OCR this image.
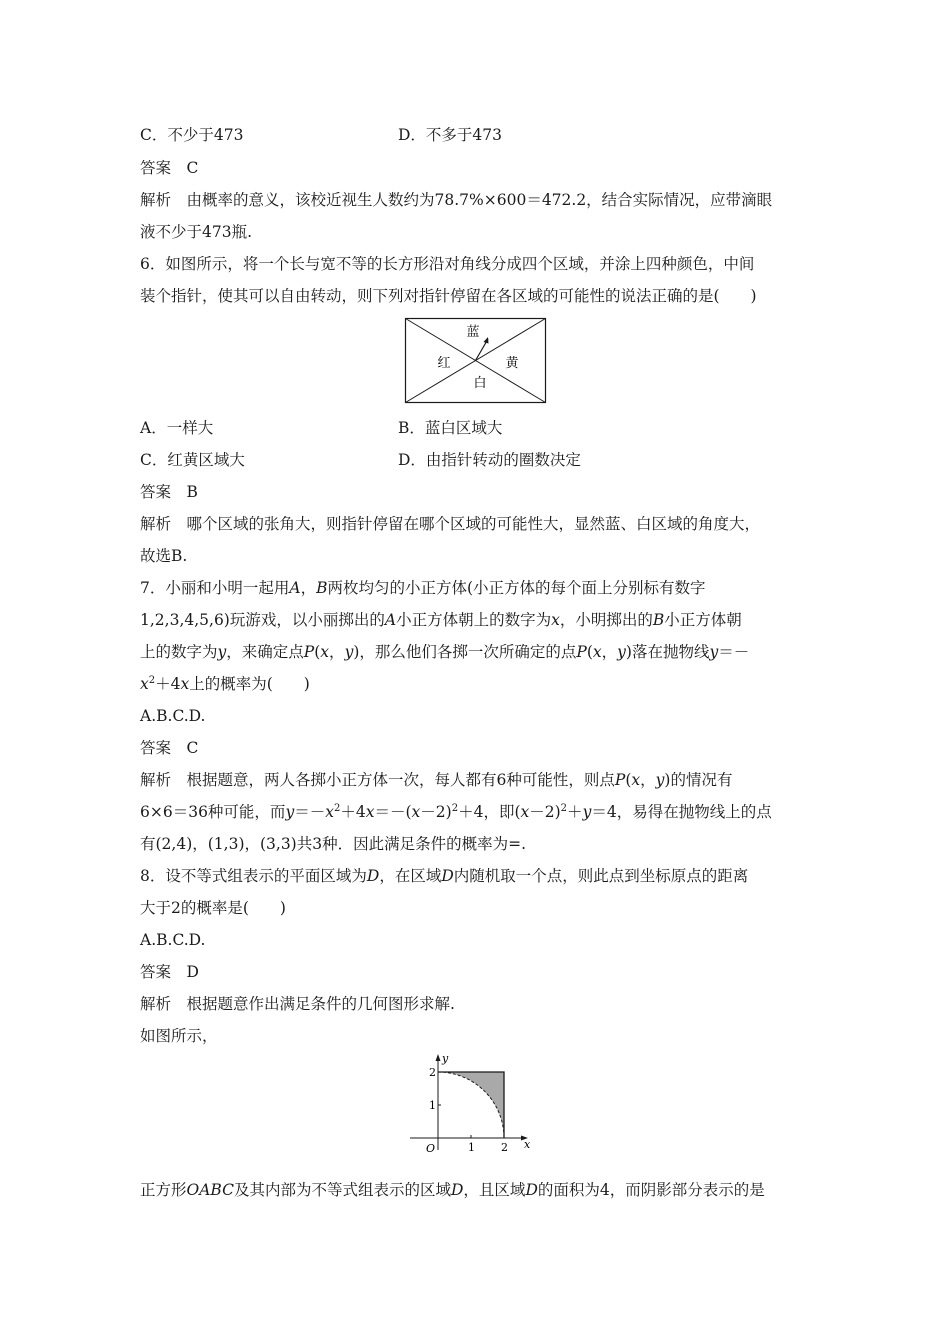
C．不少于473	D．不多于473
答案　C
解析　由概率的意义，该校近视生人数约为78.7%×600＝472.2，结合实际情况，应带滴眼
液不少于473瓶.
6．如图所示，将一个长与宽不等的长方形沿对角线分成四个区域，并涂上四种颜色，中间
装个指针，使其可以自由转动，则下列对指针停留在各区域的可能性的说法正确的是(　　)
蓝
红	黄
白
A．一样大	B．蓝白区域大
C．红黄区域大	D．由指针转动的圈数决定
答案　B
解析　哪个区域的张角大，则指针停留在哪个区域的可能性大，显然蓝、白区域的角度大，
故选B.
7．小丽和小明一起用A，B两枚均匀的小正方体(小正方体的每个面上分别标有数字
1,2,3,4,5,6)玩游戏，以小丽掷出的A小正方体朝上的数字为x，小明掷出的B小正方体朝
上的数字为y，来确定点P(x，y)，那么他们各掷一次所确定的点P(x，y)落在抛物线y＝－
$x^2+4x$上的概率为(　　)
A.B.C.D.
答案　C
解析　根据题意，两人各掷小正方体一次，每人都有6种可能性，则点P(x，y)的情况有
6×6＝36种可能，而$y=-x^2+4x=-(x-2)^2+4$，即$(x-2)^2+y=4$，易得在抛物线上的点
有(2,4)，(1,3)，(3,3)共3种．因此满足条件的概率为=.
8．设不等式组表示的平面区域为D，在区域D内随机取一个点，则此点到坐标原点的距离
大于2的概率是(　　)
A.B.C.D.
答案　D
解析　根据题意作出满足条件的几何图形求解.
如图所示，
y
x
O	1 2
1
2
正方形OABC及其内部为不等式组表示的区域D，且区域D的面积为4，而阴影部分表示的是
